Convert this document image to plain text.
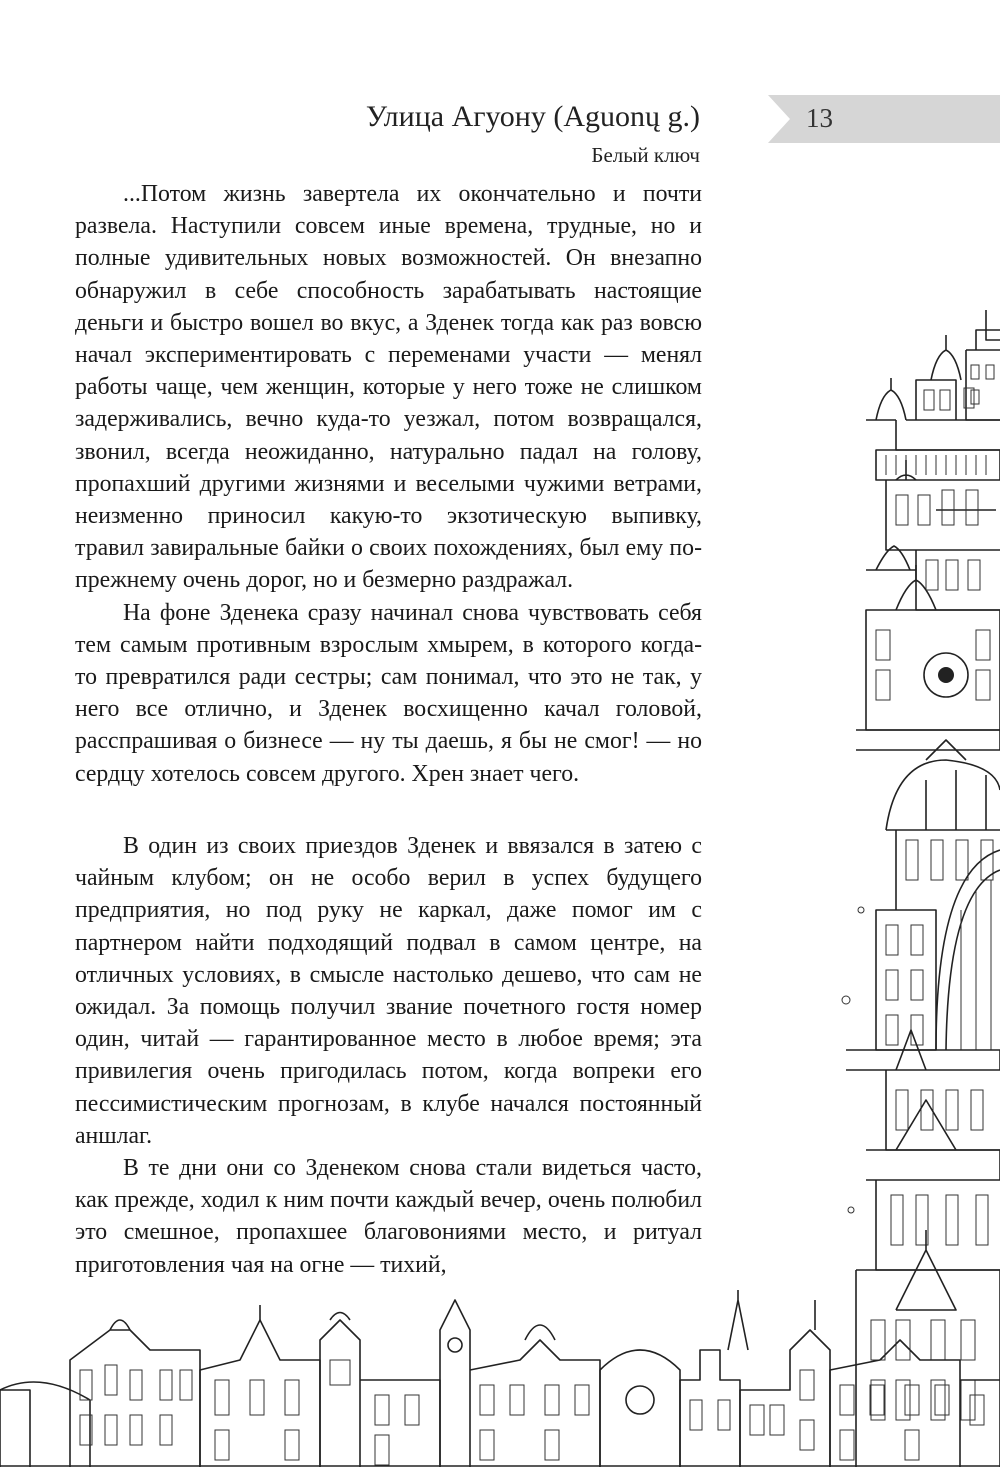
13
Улица Агуону (Aguonų g.)
Белый ключ

...Потом жизнь завертела их окончательно и почти развела. Наступили совсем иные времена, трудные, но и полные удивительных новых возможностей. Он внезапно обнаружил в себе способность зарабатывать настоящие деньги и быстро вошел во вкус, а Зденек тогда как раз вовсю начал экспериментировать с переменами участи — менял работы чаще, чем женщин, которые у него тоже не слишком задерживались, вечно куда-то уезжал, потом возвращался, звонил, всегда неожиданно, натурально падал на голову, пропахший другими жизнями и веселыми чужими ветрами, неизменно приносил какую-то экзотическую выпивку, травил завиральные байки о своих похождениях, был ему попрежнему очень дорог, но и безмерно раздражал.

На фоне Зденека сразу начинал снова чувствовать себя тем самым противным взрослым хмырем, в которого когда-то превратился ради сестры; сам понимал, что это не так, у него все отлично, и Зденек восхищенно качал головой, расспрашивая о бизнесе — ну ты даешь, я бы не смог! — но сердцу хотелось совсем другого. Хрен знает чего.

В один из своих приездов Зденек и ввязался в затею с чайным клубом; он не особо верил в успех будущего предприятия, но под руку не каркал, даже помог им с партнером найти подходящий подвал в самом центре, на отличных условиях, в смысле настолько дешево, что сам не ожидал. За помощь получил звание почетного гостя номер один, читай — гарантированное место в любое время; эта привилегия очень пригодилась потом, когда вопреки его пессимистическим прогнозам, в клубе начался постоянный аншлаг.

В те дни они со Зденеком снова стали видеться часто, как прежде, ходил к ним почти каждый вечер, очень полюбил это смешное, пропахшее благовониями место, и ритуал приготовления чая на огне — тихий,
